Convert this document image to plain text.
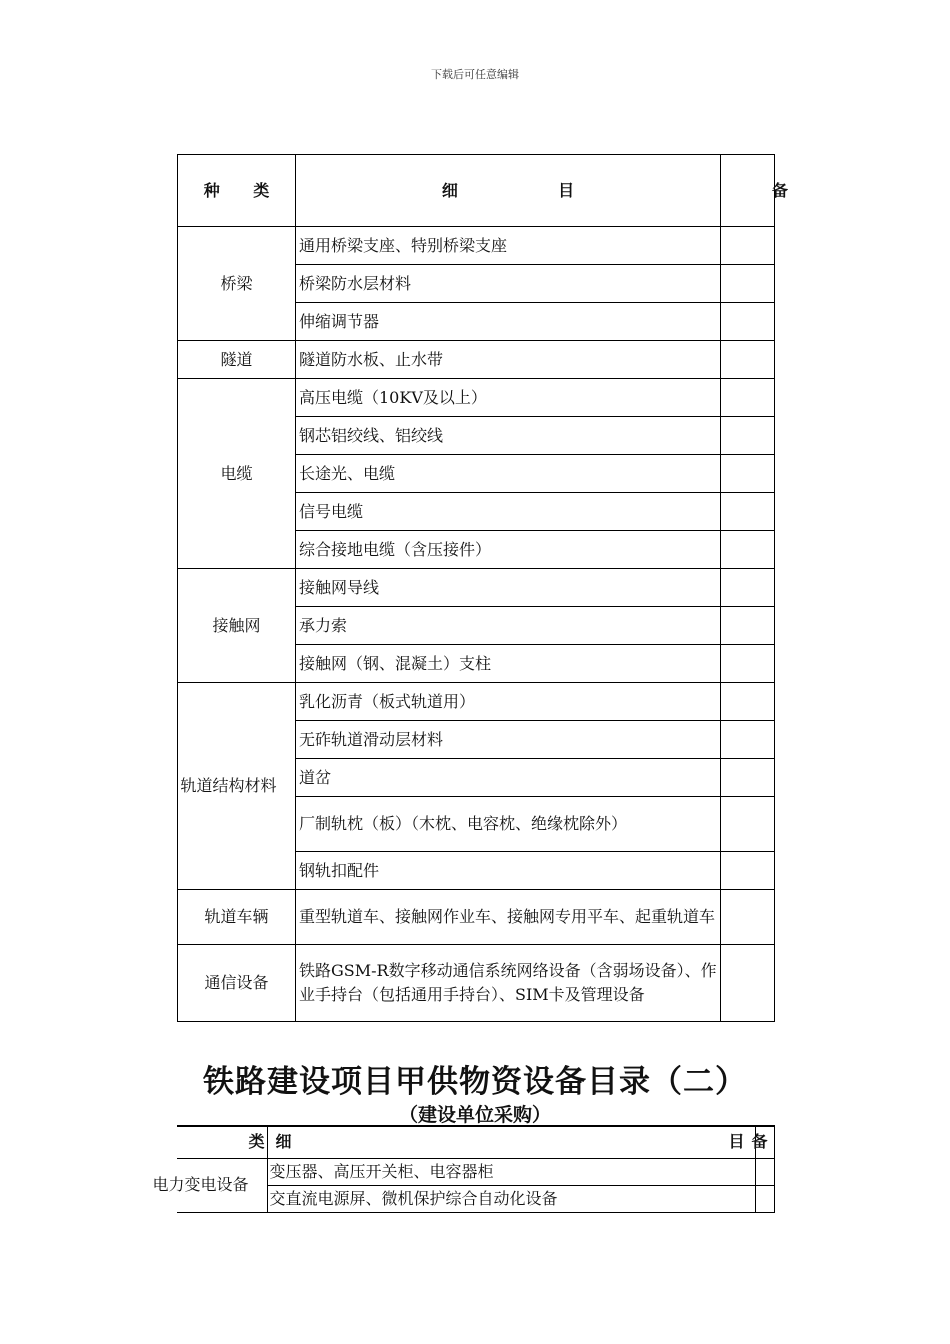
下载后可任意编辑
种      类	细                  目	备

桥梁	通用桥梁支座、特别桥梁支座	
	桥梁防水层材料	
	伸缩调节器	
隧道	隧道防水板、止水带	
电缆	高压电缆（10KV及以上）	
	钢芯铝绞线、铝绞线	
	长途光、电缆	
	信号电缆	
	综合接地电缆（含压接件）	
接触网	接触网导线	
	承力索	
	接触网（钢、混凝土）支柱	
轨道结构材料	乳化沥青（板式轨道用）	
	无砟轨道滑动层材料	
	道岔	
	厂制轨枕（板）（木枕、电容枕、绝缘枕除外）	
	钢轨扣配件	
轨道车辆	重型轨道车、接触网作业车、接触网专用平车、起重轨道车	
通信设备	铁路GSM-R数字移动通信系统网络设备（含弱场设备）、作业手持台（包括通用手持台）、SIM卡及管理设备	
铁路建设项目甲供物资设备目录（二）
（建设单位采购）
类	细 目	备

电力变电设备	变压器、高压开关柜、电容器柜	
	交直流电源屏、微机保护综合自动化设备	
